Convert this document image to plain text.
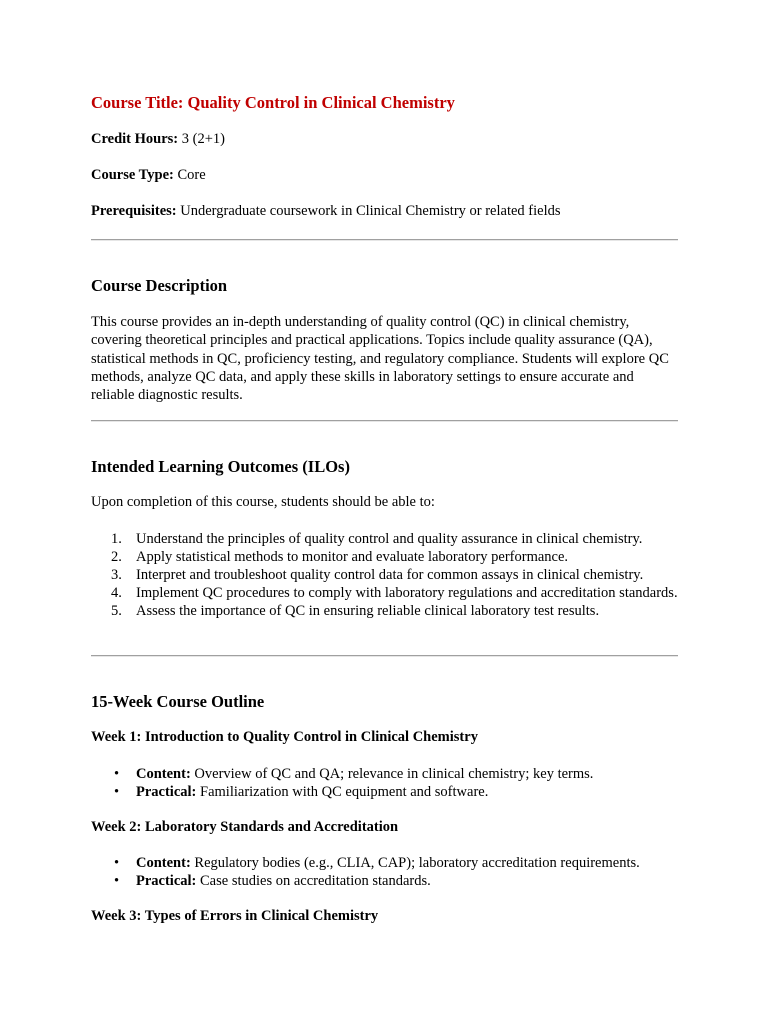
Course Title: Quality Control in Clinical Chemistry

Credit Hours: 3 (2+1)

Course Type: Core

Prerequisites: Undergraduate coursework in Clinical Chemistry or related fields

Course Description

This course provides an in-depth understanding of quality control (QC) in clinical chemistry, covering theoretical principles and practical applications. Topics include quality assurance (QA), statistical methods in QC, proficiency testing, and regulatory compliance. Students will explore QC methods, analyze QC data, and apply these skills in laboratory settings to ensure accurate and reliable diagnostic results.

Intended Learning Outcomes (ILOs)

Upon completion of this course, students should be able to:

1. Understand the principles of quality control and quality assurance in clinical chemistry.
2. Apply statistical methods to monitor and evaluate laboratory performance.
3. Interpret and troubleshoot quality control data for common assays in clinical chemistry.
4. Implement QC procedures to comply with laboratory regulations and accreditation standards.
5. Assess the importance of QC in ensuring reliable clinical laboratory test results.
15-Week Course Outline
Week 1: Introduction to Quality Control in Clinical Chemistry
• Content: Overview of QC and QA; relevance in clinical chemistry; key terms.
• Practical: Familiarization with QC equipment and software.
Week 2: Laboratory Standards and Accreditation
• Content: Regulatory bodies (e.g., CLIA, CAP); laboratory accreditation requirements.
• Practical: Case studies on accreditation standards.
Week 3: Types of Errors in Clinical Chemistry
